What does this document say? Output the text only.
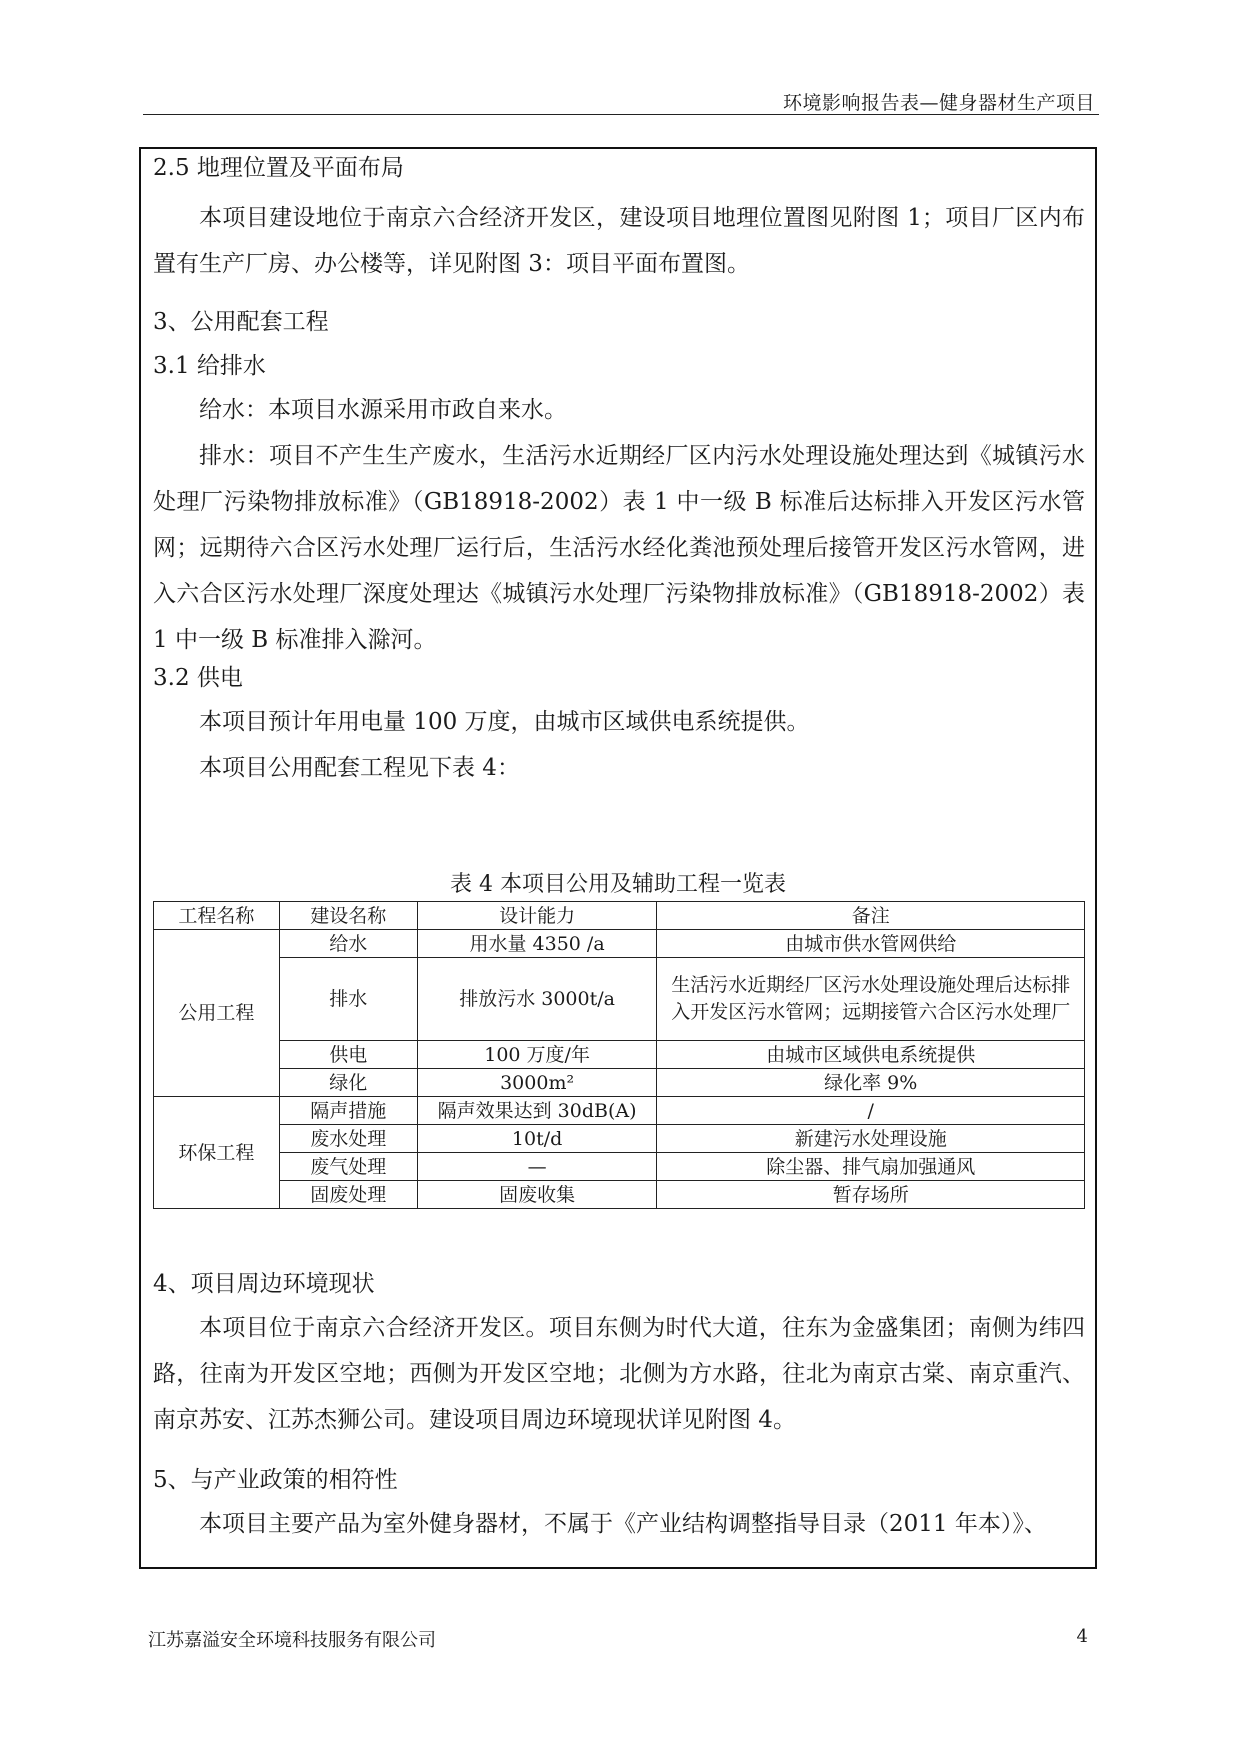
环境影响报告表—健身器材生产项目
2.5 地理位置及平面布局
本项目建设地位于南京六合经济开发区，建设项目地理位置图见附图 1；项目厂区内布置有生产厂房、办公楼等，详见附图 3：项目平面布置图。
3、公用配套工程
3.1 给排水
给水：本项目水源采用市政自来水。
排水：项目不产生生产废水，生活污水近期经厂区内污水处理设施处理达到《城镇污水处理厂污染物排放标准》（GB18918-2002）表 1 中一级 B 标准后达标排入开发区污水管网；远期待六合区污水处理厂运行后，生活污水经化粪池预处理后接管开发区污水管网，进入六合区污水处理厂深度处理达《城镇污水处理厂污染物排放标准》（GB18918-2002）表 1 中一级 B 标准排入滁河。
3.2 供电
本项目预计年用电量 100 万度，由城市区域供电系统提供。
本项目公用配套工程见下表 4：
表 4 本项目公用及辅助工程一览表
工程名称	建设名称	设计能力	备注
公用工程	给水	用水量 4350 /a	由城市供水管网供给
	排水	排放污水 3000t/a	生活污水近期经厂区污水处理设施处理后达标排入开发区污水管网；远期接管六合区污水处理厂
	供电	100 万度/年	由城市区域供电系统提供
	绿化	3000m²	绿化率 9%
环保工程	隔声措施	隔声效果达到 30dB(A)	/
	废水处理	10t/d	新建污水处理设施
	废气处理	—	除尘器、排气扇加强通风
	固废处理	固废收集	暂存场所
4、项目周边环境现状
本项目位于南京六合经济开发区。项目东侧为时代大道，往东为金盛集团；南侧为纬四路，往南为开发区空地；西侧为开发区空地；北侧为方水路，往北为南京古棠、南京重汽、南京苏安、江苏杰狮公司。建设项目周边环境现状详见附图 4。
5、与产业政策的相符性
本项目主要产品为室外健身器材，不属于《产业结构调整指导目录（2011 年本）》、
江苏嘉溢安全环境科技服务有限公司	4
